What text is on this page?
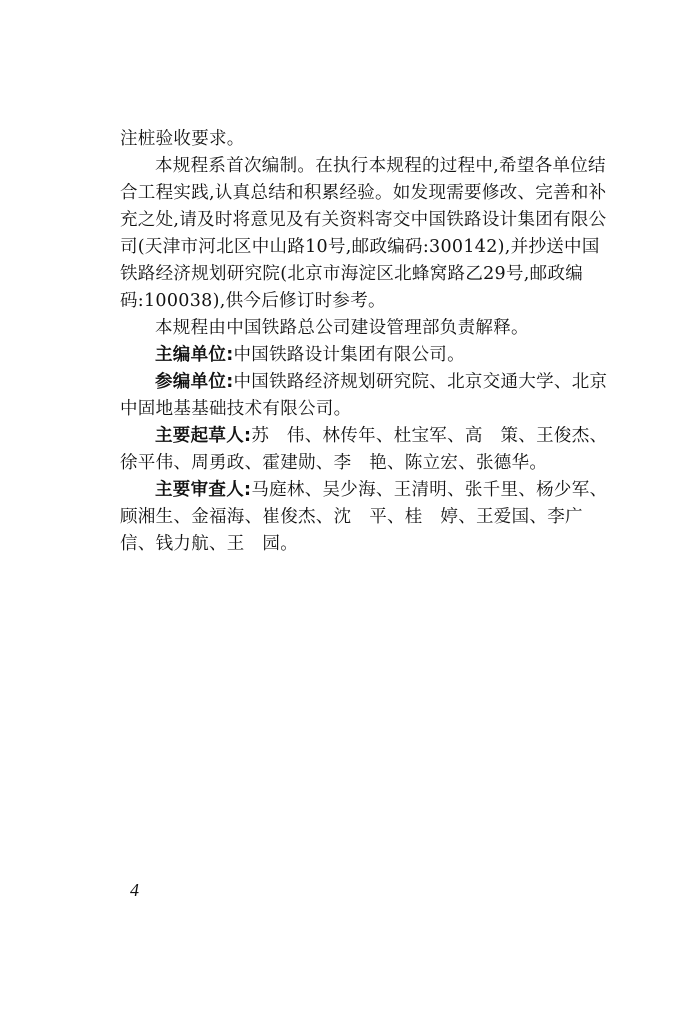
注桩验收要求。

本规程系首次编制。在执行本规程的过程中,希望各单位结合工程实践,认真总结和积累经验。如发现需要修改、完善和补充之处,请及时将意见及有关资料寄交中国铁路设计集团有限公司(天津市河北区中山路10号,邮政编码:300142),并抄送中国铁路经济规划研究院(北京市海淀区北蜂窝路乙29号,邮政编码:100038),供今后修订时参考。

本规程由中国铁路总公司建设管理部负责解释。

主编单位:中国铁路设计集团有限公司。

参编单位:中国铁路经济规划研究院、北京交通大学、北京中固地基基础技术有限公司。

主要起草人:苏　伟、林传年、杜宝军、高　策、王俊杰、徐平伟、周勇政、霍建勋、李　艳、陈立宏、张德华。

主要审查人:马庭林、吴少海、王清明、张千里、杨少军、顾湘生、金福海、崔俊杰、沈　平、桂　婷、王爱国、李广信、钱力航、王　园。

4
